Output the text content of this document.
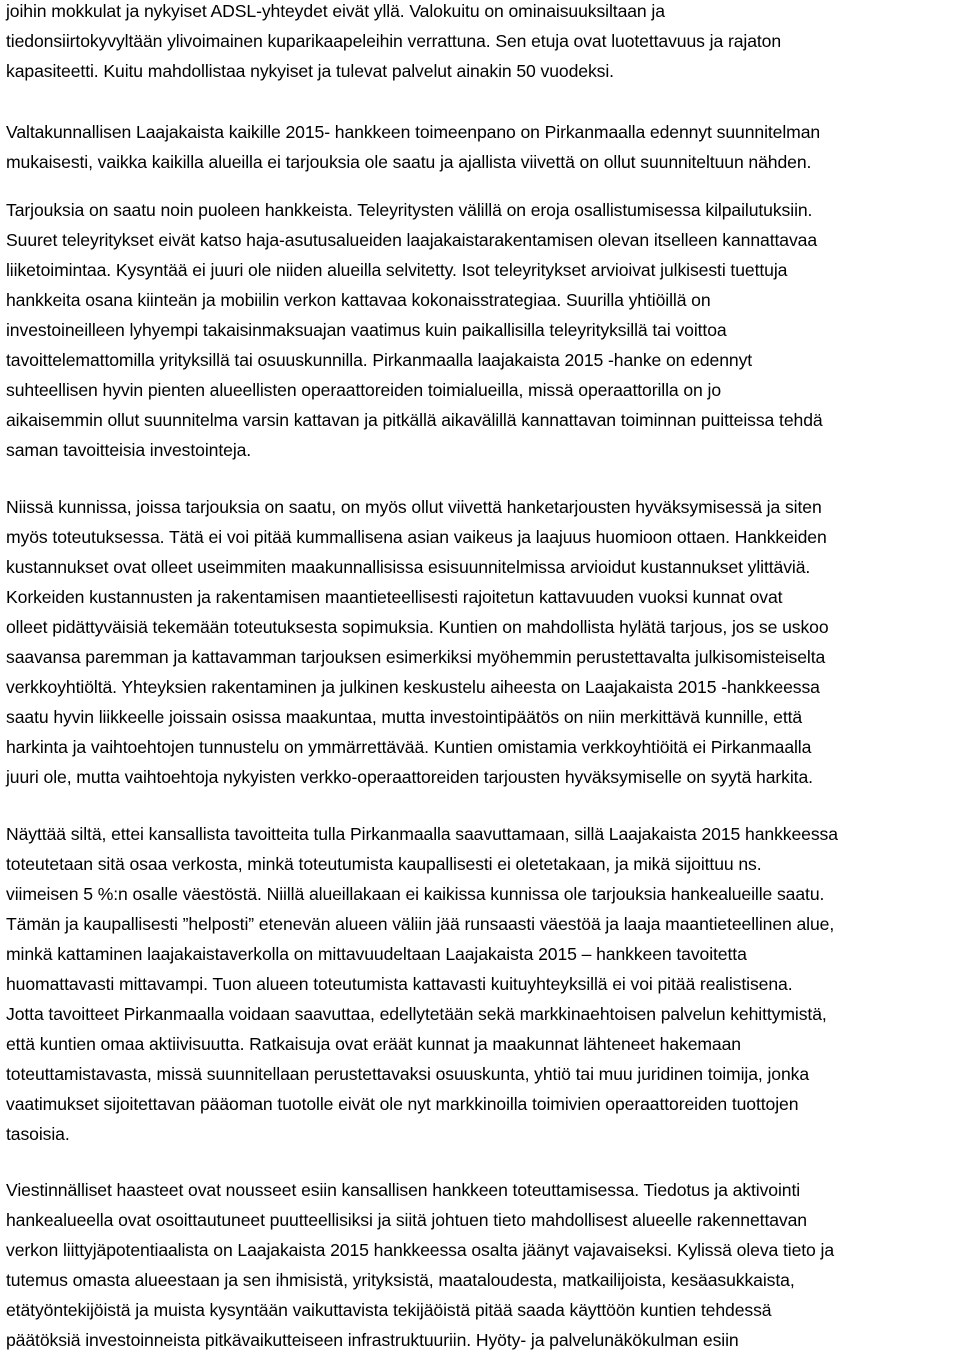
joihin mokkulat ja nykyiset ADSL-yhteydet eivät yllä. Valokuitu on ominaisuuksiltaan ja
tiedonsiirtokyvyltään ylivoimainen kuparikaapeleihin verrattuna. Sen etuja ovat luotettavuus ja rajaton
kapasiteetti. Kuitu mahdollistaa nykyiset ja tulevat palvelut ainakin 50 vuodeksi.
Valtakunnallisen Laajakaista kaikille 2015- hankkeen toimeenpano on Pirkanmaalla edennyt suunnitelman
mukaisesti, vaikka kaikilla alueilla ei tarjouksia ole saatu ja ajallista viivettä on ollut suunniteltuun nähden.
Tarjouksia on saatu noin puoleen hankkeista. Teleyritysten välillä on eroja osallistumisessa kilpailutuksiin.
Suuret teleyritykset eivät katso haja-asutusalueiden laajakaistarakentamisen olevan itselleen kannattavaa
liiketoimintaa. Kysyntää ei juuri ole niiden alueilla selvitetty. Isot teleyritykset arvioivat julkisesti tuettuja
hankkeita osana kiinteän ja mobiilin verkon kattavaa kokonaisstrategiaa. Suurilla yhtiöillä on
investoineilleen lyhyempi takaisinmaksuajan vaatimus kuin paikallisilla teleyrityksillä tai voittoa
tavoittelemattomilla yrityksillä tai osuuskunnilla. Pirkanmaalla laajakaista 2015 -hanke on edennyt
suhteellisen hyvin pienten alueellisten operaattoreiden toimialueilla, missä operaattorilla on jo
aikaisemmin ollut suunnitelma varsin kattavan ja pitkällä aikavälillä kannattavan toiminnan puitteissa tehdä
saman tavoitteisia investointeja.
Niissä kunnissa, joissa tarjouksia on saatu, on myös ollut viivettä hanketarjousten hyväksymisessä ja siten
myös toteutuksessa. Tätä ei voi pitää kummallisena asian vaikeus ja laajuus huomioon ottaen. Hankkeiden
kustannukset ovat olleet useimmiten maakunnallisissa esisuunnitelmissa arvioidut kustannukset ylittäviä.
Korkeiden kustannusten ja rakentamisen maantieteellisesti rajoitetun kattavuuden vuoksi kunnat ovat
olleet pidättyväisiä tekemään toteutuksesta sopimuksia. Kuntien on mahdollista hylätä tarjous, jos se uskoo
saavansa paremman ja kattavamman tarjouksen esimerkiksi myöhemmin perustettavalta julkisomisteiselta
verkkoyhtiöltä. Yhteyksien rakentaminen ja julkinen keskustelu aiheesta on Laajakaista 2015 -hankkeessa
saatu hyvin liikkeelle joissain osissa maakuntaa, mutta investointipäätös on niin merkittävä kunnille, että
harkinta ja vaihtoehtojen tunnustelu on ymmärrettävää. Kuntien omistamia verkkoyhtiöitä ei Pirkanmaalla
juuri ole, mutta vaihtoehtoja nykyisten verkko-operaattoreiden tarjousten hyväksymiselle on syytä harkita.
Näyttää siltä, ettei kansallista tavoitteita tulla Pirkanmaalla saavuttamaan, sillä Laajakaista 2015 hankkeessa
toteutetaan sitä osaa verkosta, minkä toteutumista kaupallisesti ei oletetakaan, ja mikä sijoittuu ns.
viimeisen 5 %:n osalle väestöstä. Niillä alueillakaan ei kaikissa kunnissa ole tarjouksia hankealueille saatu.
Tämän ja kaupallisesti ”helposti” etenevän alueen väliin jää runsaasti väestöä ja laaja maantieteellinen alue,
minkä kattaminen laajakaistaverkolla on mittavuudeltaan Laajakaista 2015 – hankkeen tavoitetta
huomattavasti mittavampi. Tuon alueen toteutumista kattavasti kuituyhteyksillä ei voi pitää realistisena.
Jotta tavoitteet Pirkanmaalla voidaan saavuttaa, edellytetään sekä markkinaehtoisen palvelun kehittymistä,
että kuntien omaa aktiivisuutta. Ratkaisuja ovat eräät kunnat ja maakunnat lähteneet hakemaan
toteuttamistavasta, missä suunnitellaan perustettavaksi osuuskunta, yhtiö tai muu juridinen toimija, jonka
vaatimukset sijoitettavan pääoman tuotolle eivät ole nyt markkinoilla toimivien operaattoreiden tuottojen
tasoisia.
Viestinnälliset haasteet ovat nousseet esiin kansallisen hankkeen toteuttamisessa. Tiedotus ja aktivointi
hankealueella ovat osoittautuneet puutteellisiksi ja siitä johtuen tieto mahdollisest alueelle rakennettavan
verkon liittyjäpotentiaalista on Laajakaista 2015 hankkeessa osalta jäänyt vajavaiseksi. Kylissä oleva tieto ja
tutemus omasta alueestaan ja sen ihmisistä, yrityksistä, maataloudesta, matkailijoista, kesäasukkaista,
etätyöntekijöistä ja muista kysyntään vaikuttavista tekijäöistä pitää saada käyttöön kuntien tehdessä
päätöksiä investoinneista pitkävaikutteiseen infrastruktuuriin. Hyöty- ja palvelunäkökulman esiin
